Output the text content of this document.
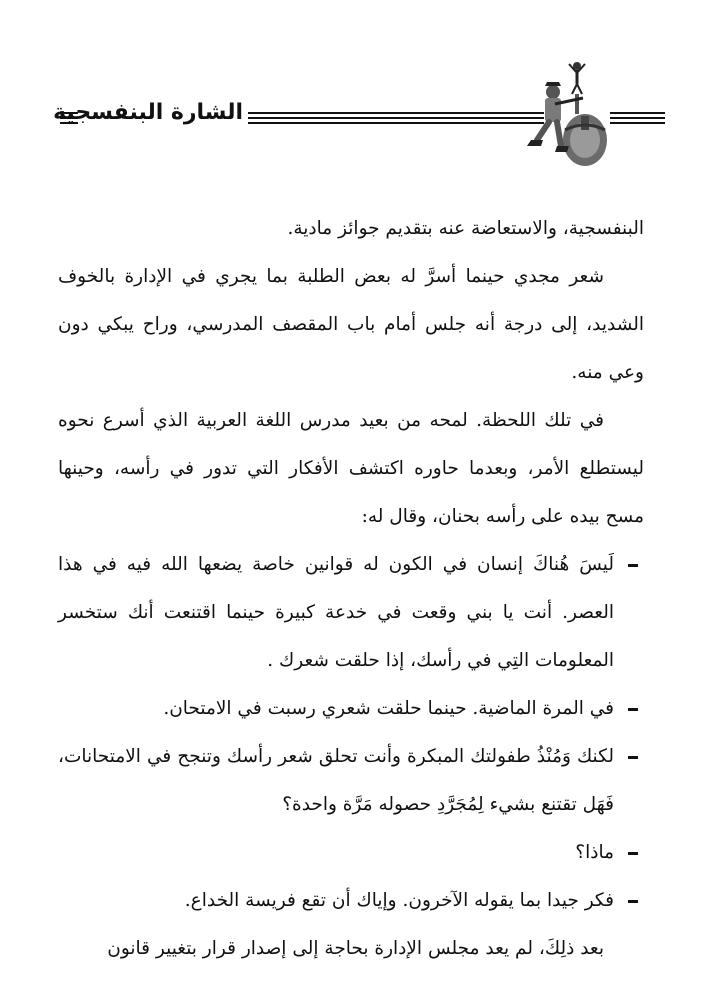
الشارة البنفسجية

البنفسجية، والاستعاضة عنه بتقديم جوائز مادية.

شعر مجدي حينما أسرَّ له بعض الطلبة بما يجري في الإدارة بالخوف الشديد، إلى درجة أنه جلس أمام باب المقصف المدرسي، وراح يبكي دون وعي منه.

في تلك اللحظة. لمحه من بعيد مدرس اللغة العربية الذي أسرع نحوه ليستطلع الأمر، وبعدما حاوره اكتشف الأفكار التي تدور في رأسه، وحينها مسح بيده على رأسه بحنان، وقال له:

لَيسَ هُناكَ إنسان في الكون له قوانين خاصة يضعها الله فيه في هذا العصر. أنت يا بني وقعت في خدعة كبيرة حينما اقتنعت أنك ستخسر المعلومات التِي في رأسك، إذا حلقت شعرك .
في المرة الماضية. حينما حلقت شعري رسبت في الامتحان.
لكنك وَمُنْذُ طفولتك المبكرة وأنت تحلق شعر رأسك وتنجح في الامتحانات، فَهَل تقتنع بشيء لِمُجَرَّدِ حصوله مَرَّة واحدة؟
ماذا؟
فكر جيدا بما يقوله الآخرون. وإياك أن تقع فريسة الخداع.

بعد ذلِكَ، لم يعد مجلس الإدارة بحاجة إلى إصدار قرار بتغيير قانون
